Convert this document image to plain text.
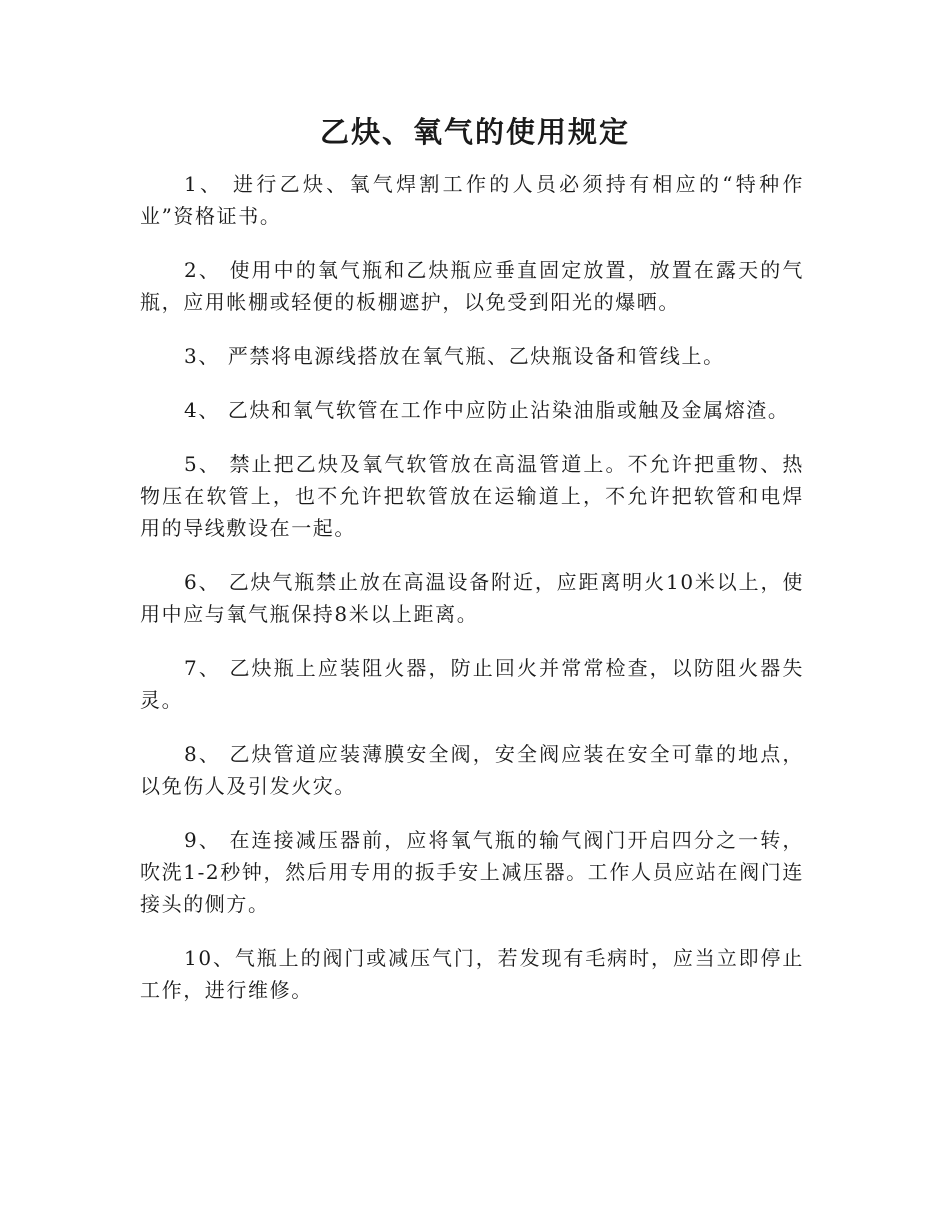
乙炔、氧气的使用规定

1、 进行乙炔、氧气焊割工作的人员必须持有相应的“特种作业”资格证书。

2、 使用中的氧气瓶和乙炔瓶应垂直固定放置，放置在露天的气瓶，应用帐棚或轻便的板棚遮护，以免受到阳光的爆晒。

3、 严禁将电源线搭放在氧气瓶、乙炔瓶设备和管线上。

4、 乙炔和氧气软管在工作中应防止沾染油脂或触及金属熔渣。

5、 禁止把乙炔及氧气软管放在高温管道上。不允许把重物、热物压在软管上，也不允许把软管放在运输道上，不允许把软管和电焊用的导线敷设在一起。

6、 乙炔气瓶禁止放在高温设备附近，应距离明火10米以上，使用中应与氧气瓶保持8米以上距离。

7、 乙炔瓶上应装阻火器，防止回火并常常检查，以防阻火器失灵。

8、 乙炔管道应装薄膜安全阀，安全阀应装在安全可靠的地点，以免伤人及引发火灾。

9、 在连接减压器前，应将氧气瓶的输气阀门开启四分之一转，吹洗1-2秒钟，然后用专用的扳手安上减压器。工作人员应站在阀门连接头的侧方。

10、气瓶上的阀门或减压气门，若发现有毛病时，应当立即停止工作，进行维修。
